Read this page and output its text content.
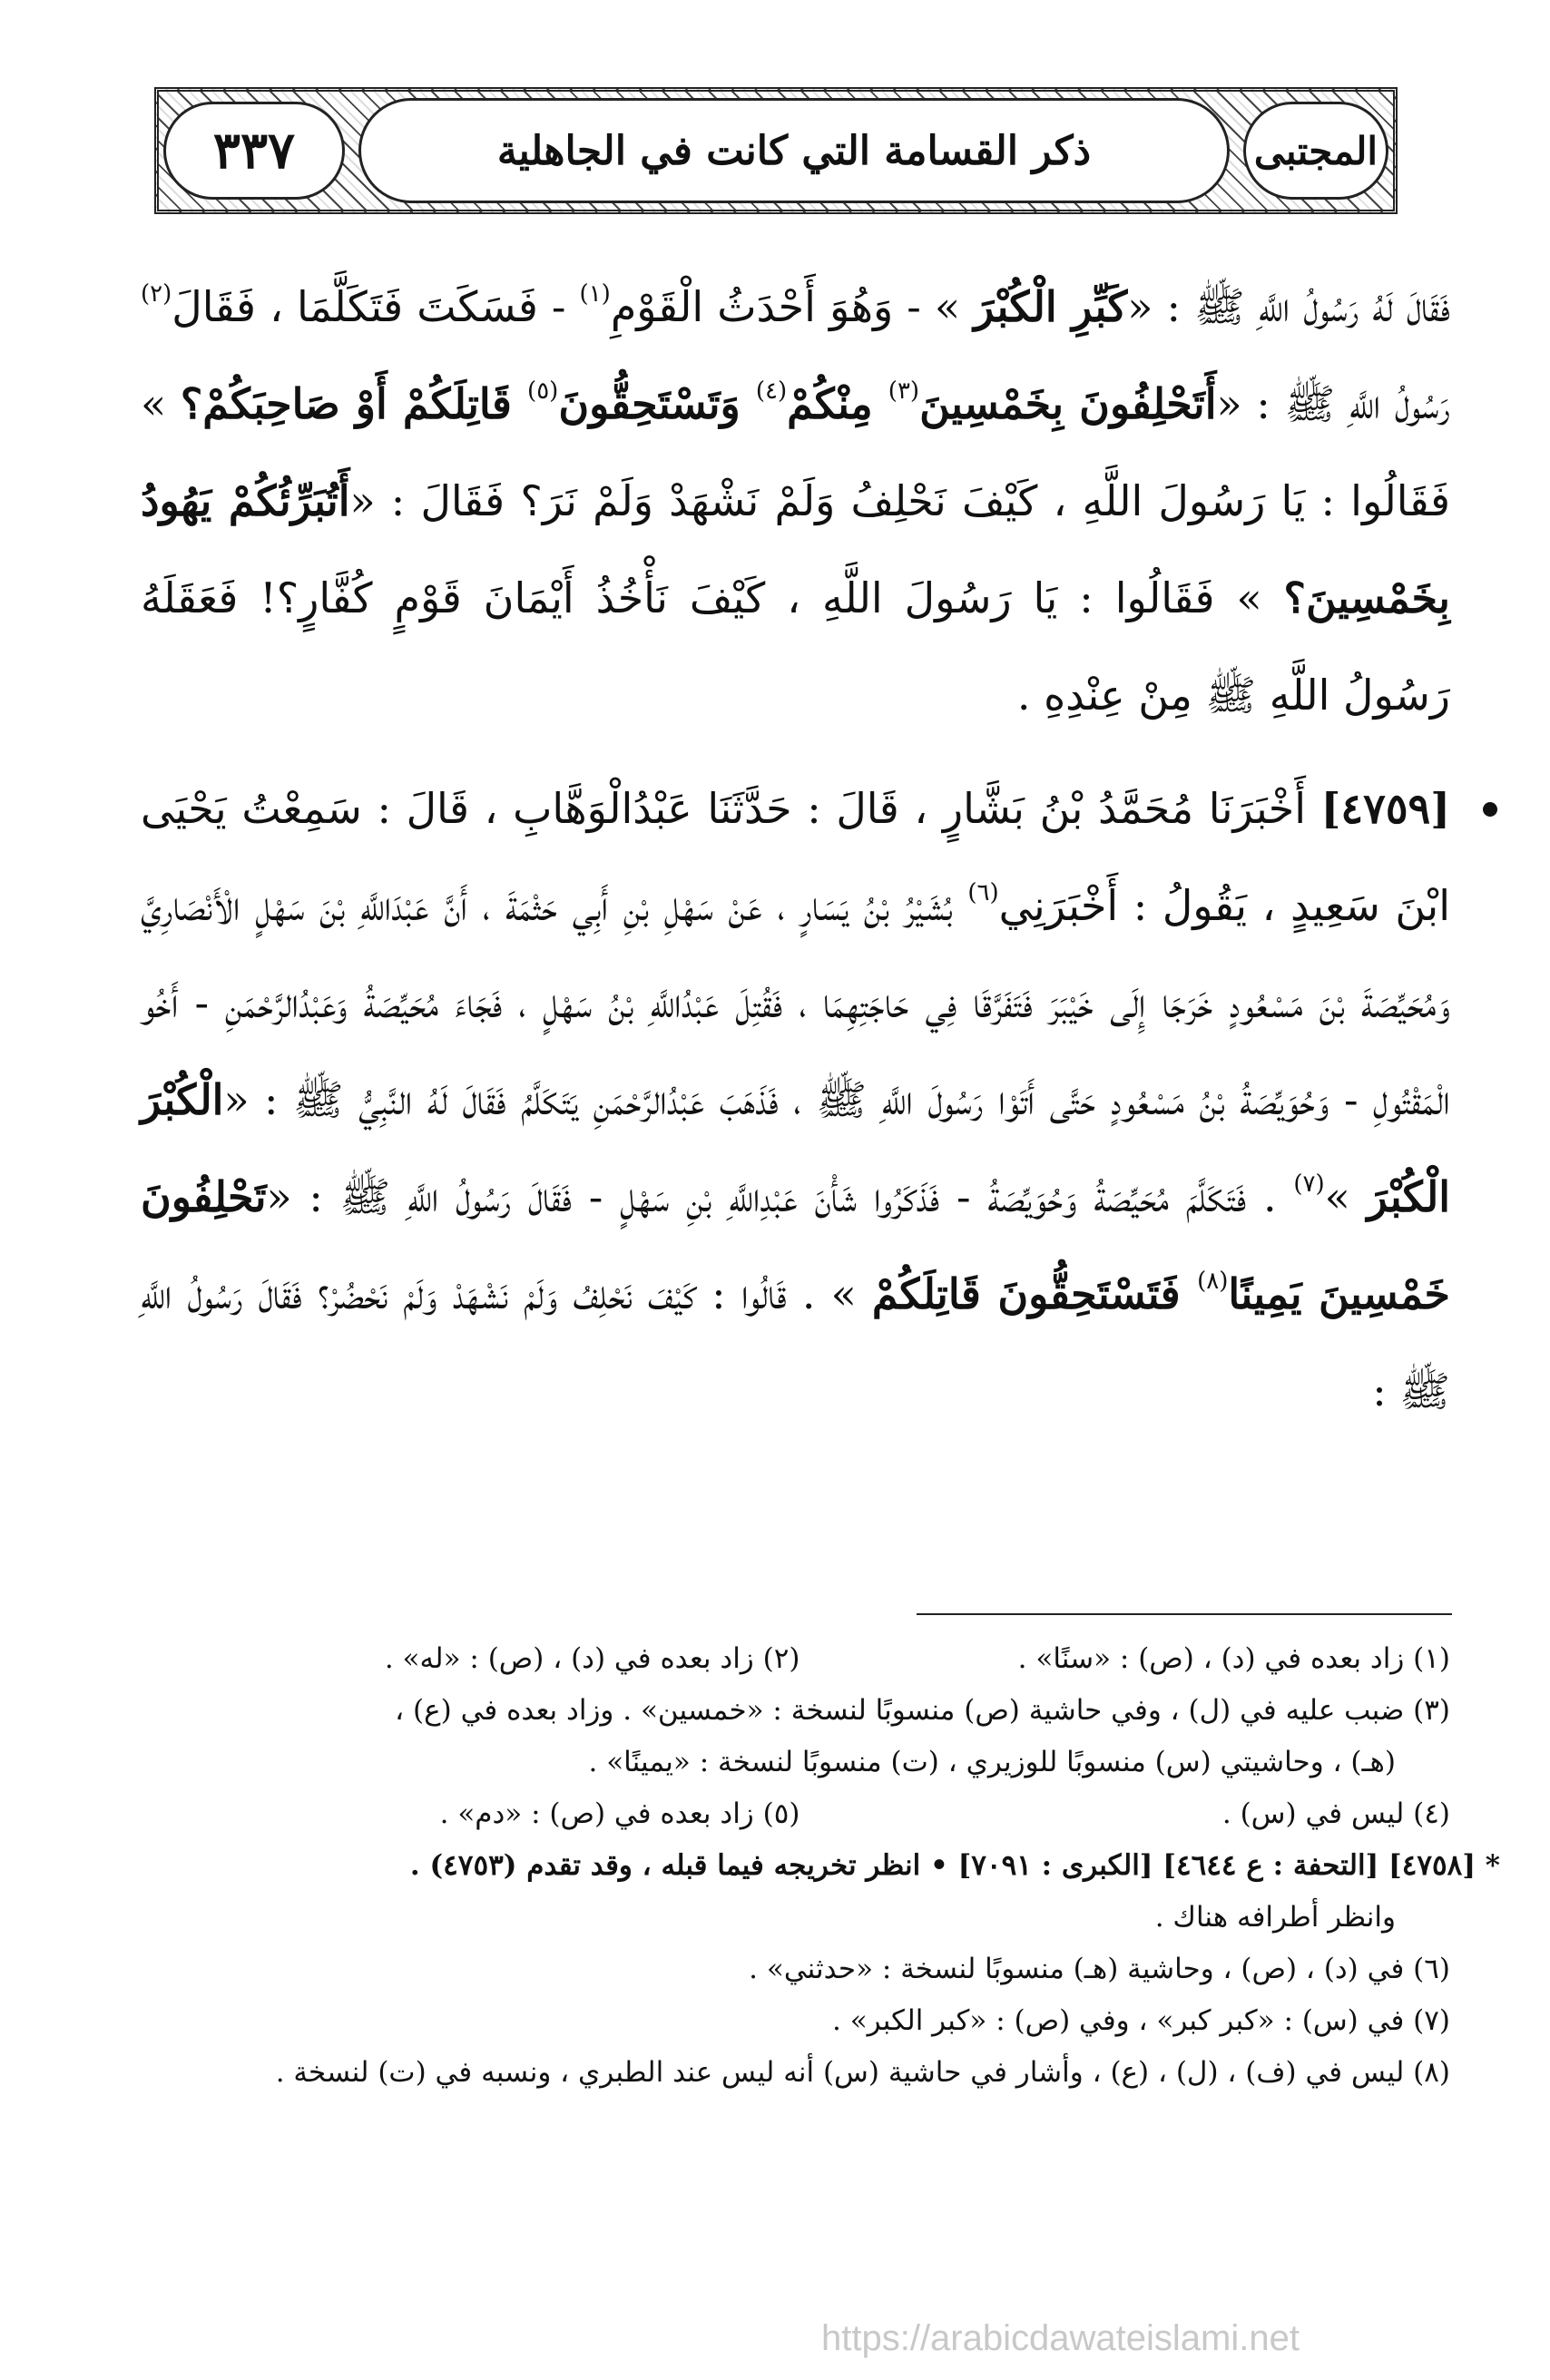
المجتبى
ذكر القسامة التي كانت في الجاهلية
٣٣٧

فَقَالَ لَهُ رَسُولُ اللَّهِ ﷺ : «كَبِّرِ الْكُبْرَ » - وَهُوَ أَحْدَثُ الْقَوْمِ$^{(١)}$ - فَسَكَتَ فَتَكَلَّمَا ، فَقَالَ$^{(٢)}$ رَسُولُ اللَّهِ ﷺ : «أَتَحْلِفُونَ بِخَمْسِينَ$^{(٣)}$ مِنْكُمْ$^{(٤)}$ وَتَسْتَحِقُّونَ$^{(٥)}$ قَاتِلَكُمْ أَوْ صَاحِبَكُمْ؟ » فَقَالُوا : يَا رَسُولَ اللَّهِ ، كَيْفَ نَحْلِفُ وَلَمْ نَشْهَدْ وَلَمْ نَرَ؟ فَقَالَ : «أَتُبَرِّئُكُمْ يَهُودُ بِخَمْسِينَ؟ » فَقَالُوا : يَا رَسُولَ اللَّهِ ، كَيْفَ نَأْخُذُ أَيْمَانَ قَوْمٍ كُفَّارٍ؟! فَعَقَلَهُ رَسُولُ اللَّهِ ﷺ مِنْ عِنْدِهِ .

[٤٧٥٩] أَخْبَرَنَا مُحَمَّدُ بْنُ بَشَّارٍ ، قَالَ : حَدَّثَنَا عَبْدُالْوَهَّابِ ، قَالَ : سَمِعْتُ يَحْيَى ابْنَ سَعِيدٍ ، يَقُولُ : أَخْبَرَنِي$^{(٦)}$ بُشَيْرُ بْنُ يَسَارٍ ، عَنْ سَهْلِ بْنِ أَبِي حَثْمَةَ ، أَنَّ عَبْدَاللَّهِ بْنَ سَهْلٍ الْأَنْصَارِيَّ وَمُحَيِّصَةَ بْنَ مَسْعُودٍ خَرَجَا إِلَى خَيْبَرَ فَتَفَرَّقَا فِي حَاجَتِهِمَا ، فَقُتِلَ عَبْدُاللَّهِ بْنُ سَهْلٍ ، فَجَاءَ مُحَيِّصَةُ وَعَبْدُالرَّحْمَنِ - أَخُو الْمَقْتُولِ - وَحُوَيِّصَةُ بْنُ مَسْعُودٍ حَتَّى أَتَوْا رَسُولَ اللَّهِ ﷺ ، فَذَهَبَ عَبْدُالرَّحْمَنِ يَتَكَلَّمُ فَقَالَ لَهُ النَّبِيُّ ﷺ : «الْكُبْرَ الْكُبْرَ »$^{(٧)}$ . فَتَكَلَّمَ مُحَيِّصَةُ وَحُوَيِّصَةُ - فَذَكَرُوا شَأْنَ عَبْدِاللَّهِ بْنِ سَهْلٍ - فَقَالَ رَسُولُ اللَّهِ ﷺ : «تَحْلِفُونَ خَمْسِينَ يَمِينًا$^{(٨)}$ فَتَسْتَحِقُّونَ قَاتِلَكُمْ » . قَالُوا : كَيْفَ نَحْلِفُ وَلَمْ نَشْهَدْ وَلَمْ نَحْضُرْ؟ فَقَالَ رَسُولُ اللَّهِ ﷺ :

(١) زاد بعده في (د) ، (ص) : «سنًا» .

(٢) زاد بعده في (د) ، (ص) : «له» .

(٣) ضبب عليه في (ل) ، وفي حاشية (ص) منسوبًا لنسخة : «خمسين» . وزاد بعده في (ع) ،

(هـ) ، وحاشيتي (س) منسوبًا للوزيري ، (ت) منسوبًا لنسخة : «يمينًا» .

(٤) ليس في (س) .

(٥) زاد بعده في (ص) : «دم» .

* [٤٧٥٨] [التحفة : ع ٤٦٤٤] [الكبرى : ٧٠٩١] • انظر تخريجه فيما قبله ، وقد تقدم (٤٧٥٣) .

وانظر أطرافه هناك .

(٦) في (د) ، (ص) ، وحاشية (هـ) منسوبًا لنسخة : «حدثني» .

(٧) في (س) : «كبر كبر» ، وفي (ص) : «كبر الكبر» .

(٨) ليس في (ف) ، (ل) ، (ع) ، وأشار في حاشية (س) أنه ليس عند الطبري ، ونسبه في (ت) لنسخة .

https://arabicdawateislami.net
